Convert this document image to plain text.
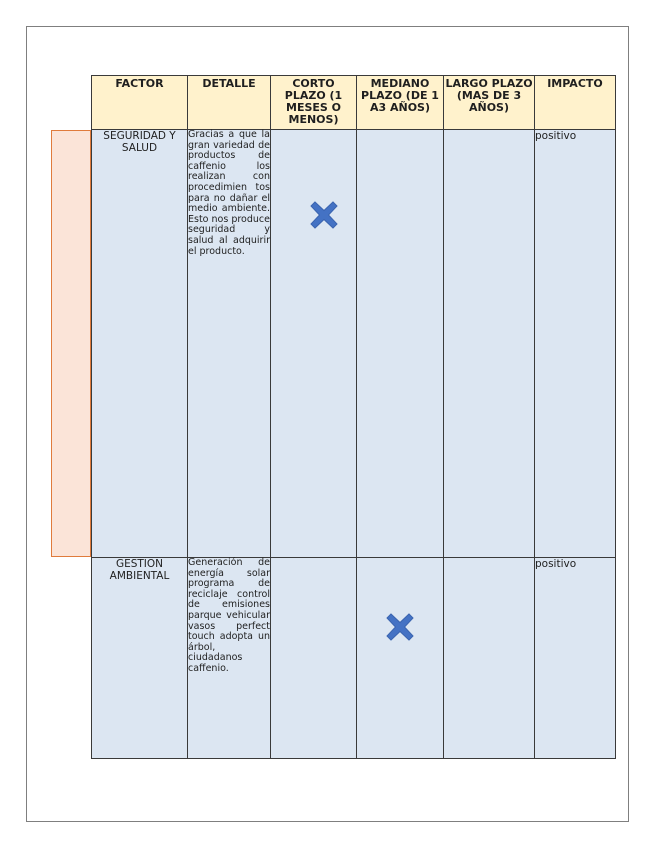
FACTOR	DETALLE	CORTO PLAZO (1 MESES O MENOS)	MEDIANO PLAZO (DE 1 A3 AÑOS)	LARGO PLAZO (MAS DE 3 AÑOS)	IMPACTO
SEGURIDAD Y SALUD	Gracias a que la gran variedad de productos de caffenio los realizan con procedimien tos para no dañar el medio ambiente. Esto nos produce seguridad y salud al adquirir el producto.				positivo
GESTION AMBIENTAL	Generación de energía solar programa de reciclaje control de emisiones parque vehicular vasos perfect touch adopta un árbol, ciudadanos caffenio.				positivo
